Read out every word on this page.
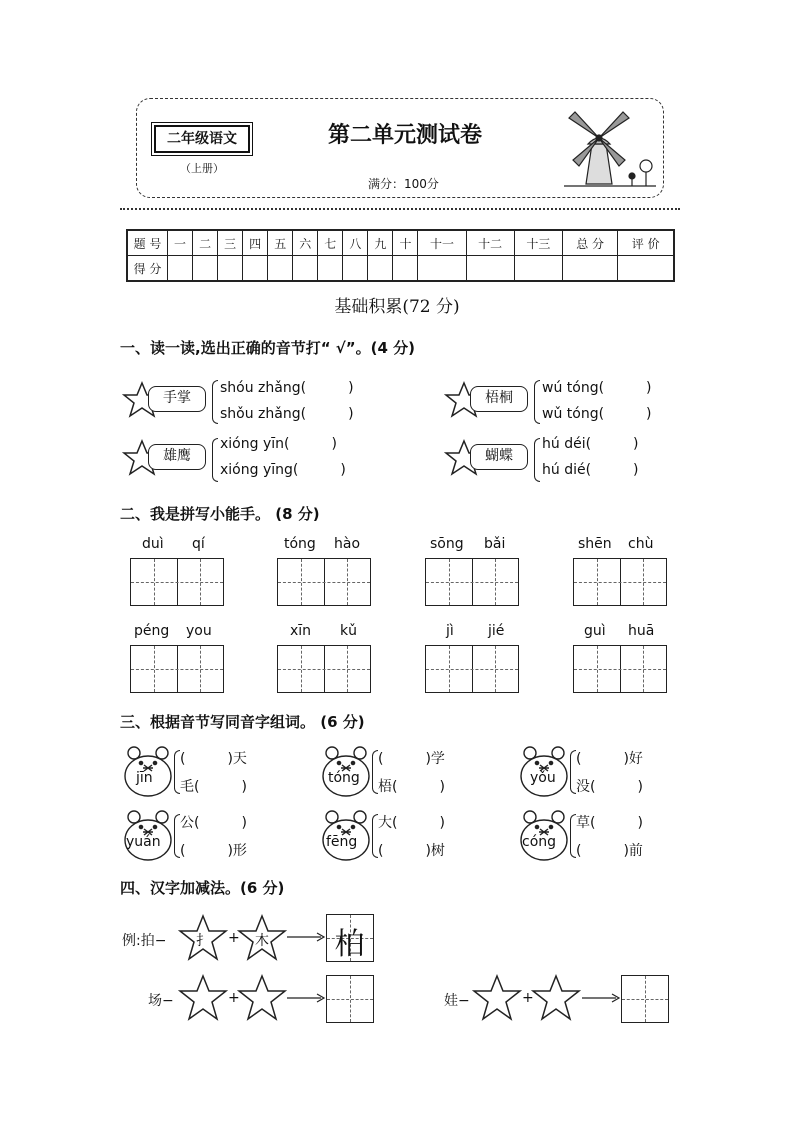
二年级语文
（上册）
第二单元测试卷
满分：100分
题 号	一	二	三	四	五	六	七	八	九	十	十一	十二	十三	总 分	评 价
得 分															
基础积累(72 分)
一、读一读,选出正确的音节打“ √”。(4 分)
手掌
shóu zhǎng(　　　)
shǒu zhǎng(　　　)
梧桐
wú tóng(　　　)
wǔ tóng(　　　)
雄鹰
xióng yīn(　　　)
xióng yīng(　　　)
蝴蝶
hú déi(　　　)
hú dié(　　　)
二、我是拼写小能手。 (8 分)
duì qí	tóng hào	sōng bǎi	shēn chù
péng you	xīn kǔ	jì jié	guì huā
三、根据音节写同音字组词。 (6 分)
jīn
(　　　)天
毛(　　　)
tóng
(　　　)学
梧(　　　)
yǒu
(　　　)好
没(　　　)
yuán
公(　　　)
(　　　)形
fēng
大(　　　)
(　　　)树
cóng
草(　　　)
(　　　)前
四、汉字加减法。(6 分)
例:拍−	扌	+	木	柏
场−	+	娃−	+
